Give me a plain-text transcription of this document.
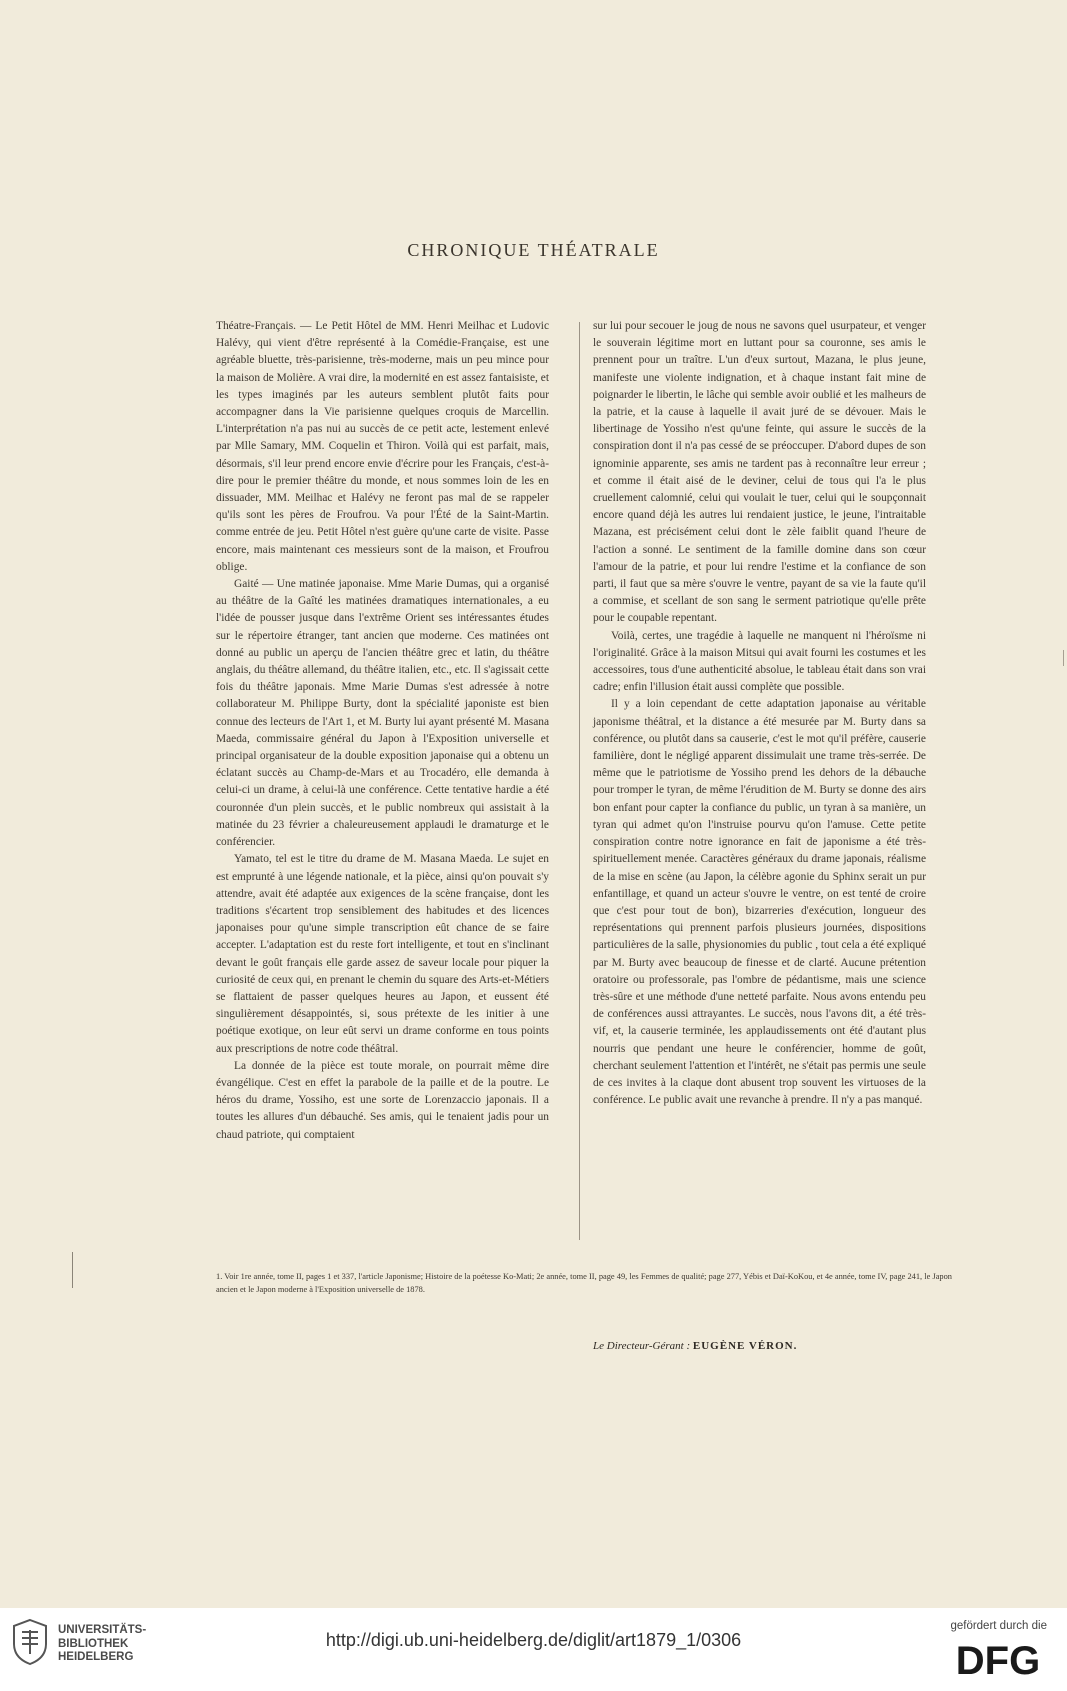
CHRONIQUE THÉATRALE

Théatre-Français. — Le Petit Hôtel de MM. Henri Meilhac et Ludovic Halévy, qui vient d'être représenté à la Comédie-Française, est une agréable bluette, très-parisienne, très-moderne, mais un peu mince pour la maison de Molière. A vrai dire, la modernité en est assez fantaisiste, et les types imaginés par les auteurs semblent plutôt faits pour accompagner dans la Vie parisienne quelques croquis de Marcellin. L'interprétation n'a pas nui au succès de ce petit acte, lestement enlevé par Mlle Samary, MM. Coquelin et Thiron. Voilà qui est parfait, mais, désormais, s'il leur prend encore envie d'écrire pour les Français, c'est-à-dire pour le premier théâtre du monde, et nous sommes loin de les en dissuader, MM. Meilhac et Halévy ne feront pas mal de se rappeler qu'ils sont les pères de Froufrou. Va pour l'Été de la Saint-Martin. comme entrée de jeu. Petit Hôtel n'est guère qu'une carte de visite. Passe encore, mais maintenant ces messieurs sont de la maison, et Froufrou oblige.

Gaité — Une matinée japonaise. Mme Marie Dumas, qui a organisé au théâtre de la Gaîté les matinées dramatiques internationales, a eu l'idée de pousser jusque dans l'extrême Orient ses intéressantes études sur le répertoire étranger, tant ancien que moderne. Ces matinées ont donné au public un aperçu de l'ancien théâtre grec et latin, du théâtre anglais, du théâtre allemand, du théâtre italien, etc., etc. Il s'agissait cette fois du théâtre japonais. Mme Marie Dumas s'est adressée à notre collaborateur M. Philippe Burty, dont la spécialité japoniste est bien connue des lecteurs de l'Art 1, et M. Burty lui ayant présenté M. Masana Maeda, commissaire général du Japon à l'Exposition universelle et principal organisateur de la double exposition japonaise qui a obtenu un éclatant succès au Champ-de-Mars et au Trocadéro, elle demanda à celui-ci un drame, à celui-là une conférence. Cette tentative hardie a été couronnée d'un plein succès, et le public nombreux qui assistait à la matinée du 23 février a chaleureusement applaudi le dramaturge et le conférencier.

Yamato, tel est le titre du drame de M. Masana Maeda. Le sujet en est emprunté à une légende nationale, et la pièce, ainsi qu'on pouvait s'y attendre, avait été adaptée aux exigences de la scène française, dont les traditions s'écartent trop sensiblement des habitudes et des licences japonaises pour qu'une simple transcription eût chance de se faire accepter. L'adaptation est du reste fort intelligente, et tout en s'inclinant devant le goût français elle garde assez de saveur locale pour piquer la curiosité de ceux qui, en prenant le chemin du square des Arts-et-Métiers se flattaient de passer quelques heures au Japon, et eussent été singulièrement désappointés, si, sous prétexte de les initier à une poétique exotique, on leur eût servi un drame conforme en tous points aux prescriptions de notre code théâtral.

La donnée de la pièce est toute morale, on pourrait même dire évangélique. C'est en effet la parabole de la paille et de la poutre. Le héros du drame, Yossiho, est une sorte de Lorenzaccio japonais. Il a toutes les allures d'un débauché. Ses amis, qui le tenaient jadis pour un chaud patriote, qui comptaient

sur lui pour secouer le joug de nous ne savons quel usurpateur, et venger le souverain légitime mort en luttant pour sa couronne, ses amis le prennent pour un traître. L'un d'eux surtout, Mazana, le plus jeune, manifeste une violente indignation, et à chaque instant fait mine de poignarder le libertin, le lâche qui semble avoir oublié et les malheurs de la patrie, et la cause à laquelle il avait juré de se dévouer. Mais le libertinage de Yossiho n'est qu'une feinte, qui assure le succès de la conspiration dont il n'a pas cessé de se préoccuper. D'abord dupes de son ignominie apparente, ses amis ne tardent pas à reconnaître leur erreur ; et comme il était aisé de le deviner, celui de tous qui l'a le plus cruellement calomnié, celui qui voulait le tuer, celui qui le soupçonnait encore quand déjà les autres lui rendaient justice, le jeune, l'intraitable Mazana, est précisément celui dont le zèle faiblit quand l'heure de l'action a sonné. Le sentiment de la famille domine dans son cœur l'amour de la patrie, et pour lui rendre l'estime et la confiance de son parti, il faut que sa mère s'ouvre le ventre, payant de sa vie la faute qu'il a commise, et scellant de son sang le serment patriotique qu'elle prête pour le coupable repentant.

Voilà, certes, une tragédie à laquelle ne manquent ni l'héroïsme ni l'originalité. Grâce à la maison Mitsui qui avait fourni les costumes et les accessoires, tous d'une authenticité absolue, le tableau était dans son vrai cadre; enfin l'illusion était aussi complète que possible.

Il y a loin cependant de cette adaptation japonaise au véritable japonisme théâtral, et la distance a été mesurée par M. Burty dans sa conférence, ou plutôt dans sa causerie, c'est le mot qu'il préfère, causerie familière, dont le négligé apparent dissimulait une trame très-serrée. De même que le patriotisme de Yossiho prend les dehors de la débauche pour tromper le tyran, de même l'érudition de M. Burty se donne des airs bon enfant pour capter la confiance du public, un tyran à sa manière, un tyran qui admet qu'on l'instruise pourvu qu'on l'amuse. Cette petite conspiration contre notre ignorance en fait de japonisme a été très-spirituellement menée. Caractères généraux du drame japonais, réalisme de la mise en scène (au Japon, la célèbre agonie du Sphinx serait un pur enfantillage, et quand un acteur s'ouvre le ventre, on est tenté de croire que c'est pour tout de bon), bizarreries d'exécution, longueur des représentations qui prennent parfois plusieurs journées, dispositions particulières de la salle, physionomies du public , tout cela a été expliqué par M. Burty avec beaucoup de finesse et de clarté. Aucune prétention oratoire ou professorale, pas l'ombre de pédantisme, mais une science très-sûre et une méthode d'une netteté parfaite. Nous avons entendu peu de conférences aussi attrayantes. Le succès, nous l'avons dit, a été très-vif, et, la causerie terminée, les applaudissements ont été d'autant plus nourris que pendant une heure le conférencier, homme de goût, cherchant seulement l'attention et l'intérêt, ne s'était pas permis une seule de ces invites à la claque dont abusent trop souvent les virtuoses de la conférence. Le public avait une revanche à prendre. Il n'y a pas manqué.

1. Voir 1re année, tome II, pages 1 et 337, l'article Japonisme; Histoire de la poétesse Ko-Mati; 2e année, tome II, page 49, les Femmes de qualité; page 277, Yébis et Daï-KoKou, et 4e année, tome IV, page 241, le Japon ancien et le Japon moderne à l'Exposition universelle de 1878.
Le Directeur-Gérant : EUGÈNE VÉRON.
UNIVERSITÄTS-
BIBLIOTHEK
HEIDELBERG
http://digi.ub.uni-heidelberg.de/diglit/art1879_1/0306
gefördert durch die
DFG
